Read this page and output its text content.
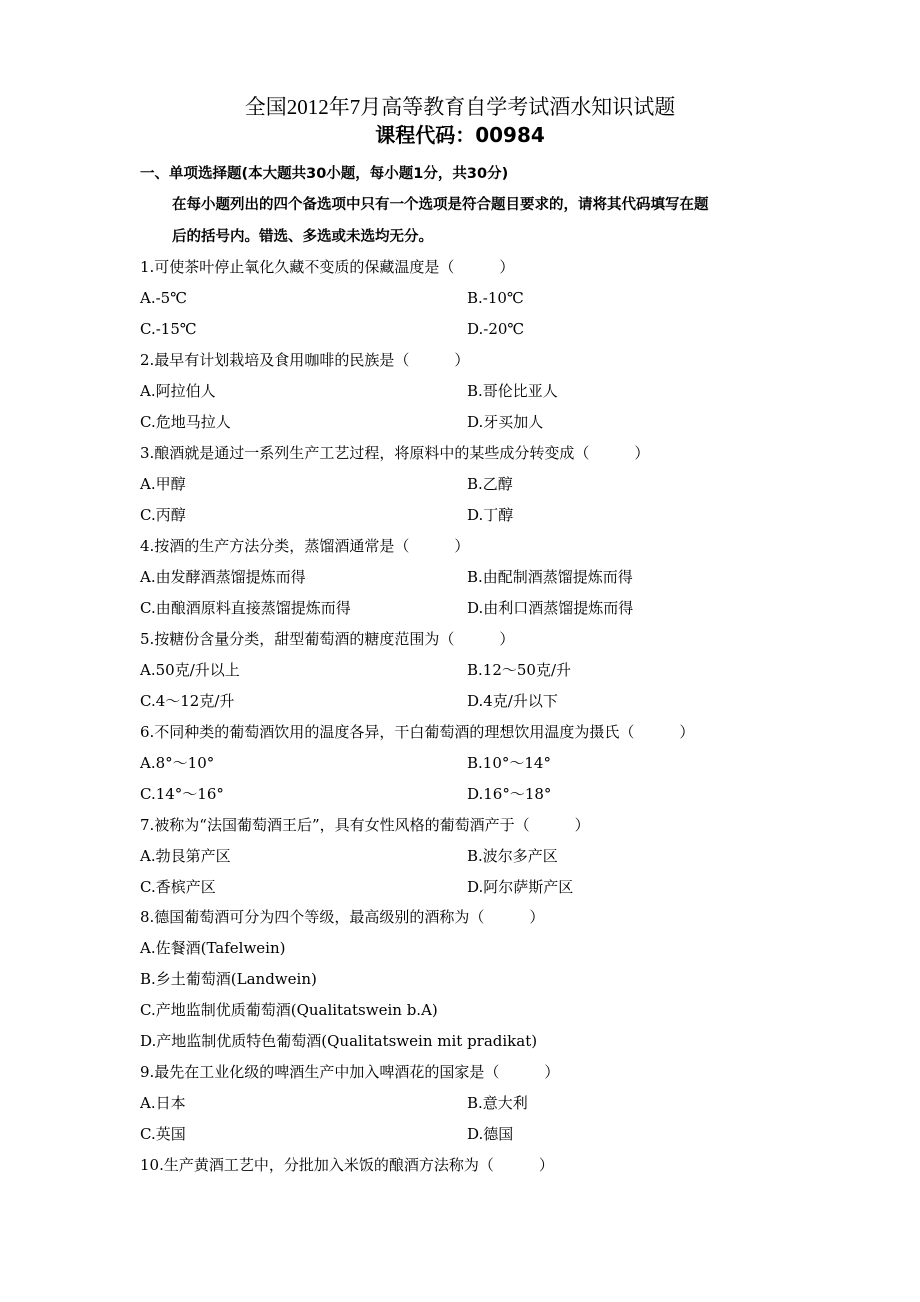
全国2012年7月高等教育自学考试酒水知识试题
课程代码：00984
一、单项选择题(本大题共30小题，每小题1分，共30分)
在每小题列出的四个备选项中只有一个选项是符合题目要求的，请将其代码填写在题
后的括号内。错选、多选或未选均无分。
1.可使茶叶停止氧化久藏不变质的保藏温度是（　　　）
A.-5℃	B.-10℃
C.-15℃	D.-20℃
2.最早有计划栽培及食用咖啡的民族是（　　　）
A.阿拉伯人	B.哥伦比亚人
C.危地马拉人	D.牙买加人
3.酿酒就是通过一系列生产工艺过程，将原料中的某些成分转变成（　　　）
A.甲醇	B.乙醇
C.丙醇	D.丁醇
4.按酒的生产方法分类，蒸馏酒通常是（　　　）
A.由发酵酒蒸馏提炼而得	B.由配制酒蒸馏提炼而得
C.由酿酒原料直接蒸馏提炼而得	D.由利口酒蒸馏提炼而得
5.按糖份含量分类，甜型葡萄酒的糖度范围为（　　　）
A.50克/升以上	B.12～50克/升
C.4～12克/升	D.4克/升以下
6.不同种类的葡萄酒饮用的温度各异，干白葡萄酒的理想饮用温度为摄氏（　　　）
A.8°～10°	B.10°～14°
C.14°～16°	D.16°～18°
7.被称为“法国葡萄酒王后”，具有女性风格的葡萄酒产于（　　　）
A.勃艮第产区	B.波尔多产区
C.香槟产区	D.阿尔萨斯产区
8.德国葡萄酒可分为四个等级，最高级别的酒称为（　　　）
A.佐餐酒(Tafelwein)
B.乡土葡萄酒(Landwein)
C.产地监制优质葡萄酒(Qualitatswein b.A)
D.产地监制优质特色葡萄酒(Qualitatswein mit pradikat)
9.最先在工业化级的啤酒生产中加入啤酒花的国家是（　　　）
A.日本	B.意大利
C.英国	D.德国
10.生产黄酒工艺中，分批加入米饭的酿酒方法称为（　　　）
